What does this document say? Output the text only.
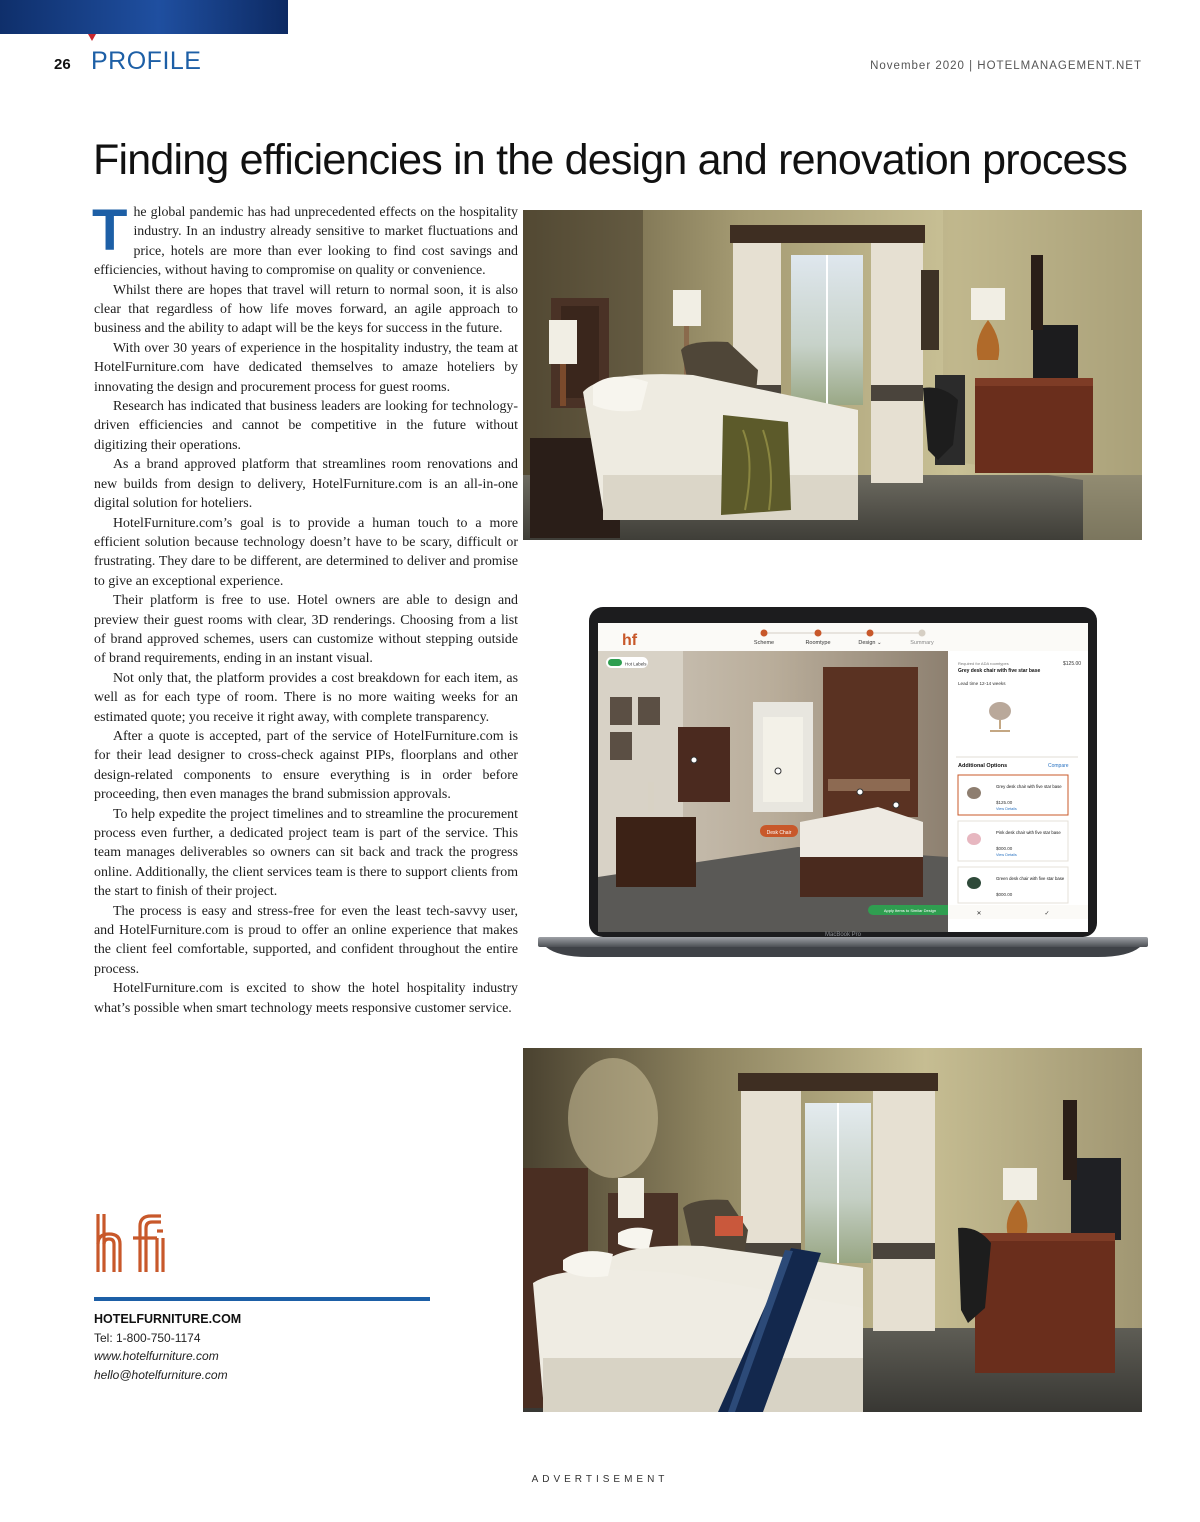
26 PROFILE	November 2020 | HOTELMANAGEMENT.NET
Finding efficiencies in the design and renovation process

The global pandemic has had unprecedented effects on the hospitality industry. In an industry already sensitive to market fluctuations and price, hotels are more than ever looking to find cost savings and efficiencies, without having to compromise on quality or convenience.

Whilst there are hopes that travel will return to normal soon, it is also clear that regardless of how life moves forward, an agile approach to business and the ability to adapt will be the keys for success in the future.

With over 30 years of experience in the hospitality industry, the team at HotelFurniture.com have dedicated themselves to amaze hoteliers by innovating the design and procurement process for guest rooms.

Research has indicated that business leaders are looking for technology-driven efficiencies and cannot be competitive in the future without digitizing their operations.

As a brand approved platform that streamlines room renovations and new builds from design to delivery, HotelFurniture.com is an all-in-one digital solution for hoteliers.

HotelFurniture.com’s goal is to provide a human touch to a more efficient solution because technology doesn’t have to be scary, difficult or frustrating. They dare to be different, are determined to deliver and promise to give an exceptional experience.

Their platform is free to use. Hotel owners are able to design and preview their guest rooms with clear, 3D renderings. Choosing from a list of brand approved schemes, users can customize without stepping outside of brand requirements, ending in an instant visual.

Not only that, the platform provides a cost breakdown for each item, as well as for each type of room. There is no more waiting weeks for an estimated quote; you receive it right away, with complete transparency.

After a quote is accepted, part of the service of HotelFurniture.com is for their lead designer to cross-check against PIPs, floorplans and other design-related components to ensure everything is in order before proceeding, then even manages the brand submission approvals.

To help expedite the project timelines and to streamline the procurement process even further, a dedicated project team is part of the service. This team manages deliverables so owners can sit back and track the progress online. Additionally, the client services team is there to support clients from the start to finish of their project.

The process is easy and stress-free for even the least tech-savvy user, and HotelFurniture.com is proud to offer an online experience that makes the client feel comfortable, supported, and confident throughout the entire process.

HotelFurniture.com is excited to show the hotel hospitality industry what’s possible when smart technology meets responsive customer service.

HOTELFURNITURE.COM
Tel: 1-800-750-1174
www.hotelfurniture.com
hello@hotelfurniture.com
hf	Scheme	Roomtype	Design ⌄	Summary
Desk Chair
Hot Labels
Apply Items to Similar Design
Required for ADA roomtypes	$125.00
Grey desk chair with five star base
Lead time 12-14 weeks
Additional Options	Compare
Grey desk chair with five star base
$125.00
View Details
Pink desk chair with five star base
$000.00
View Details
Green desk chair with five star base
$000.00
✕	✓
MacBook Pro
ADVERTISEMENT
